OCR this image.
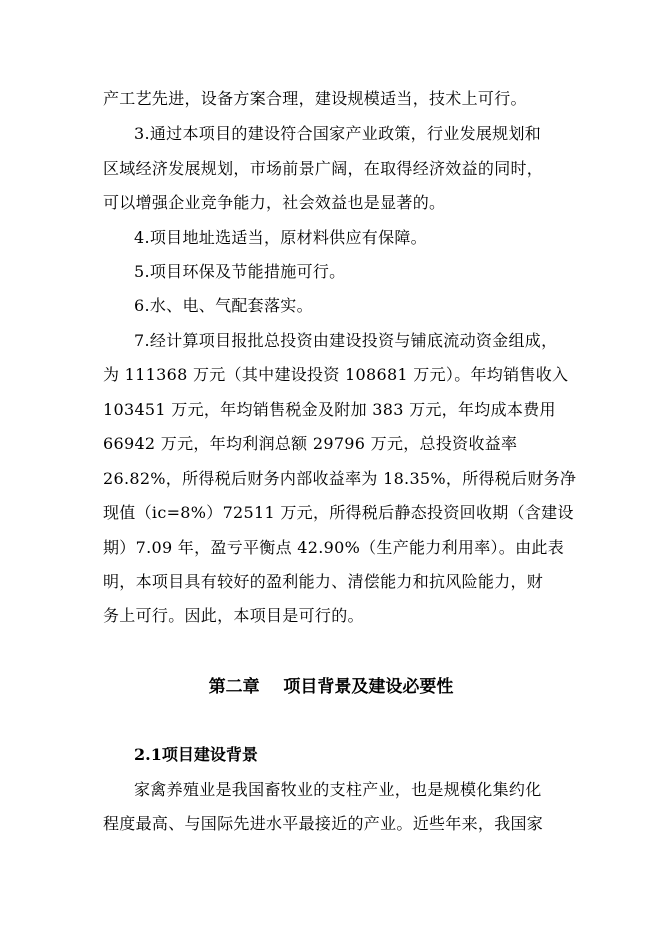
产工艺先进，设备方案合理，建设规模适当，技术上可行。
3.通过本项目的建设符合国家产业政策，行业发展规划和
区域经济发展规划，市场前景广阔，在取得经济效益的同时，
可以增强企业竞争能力，社会效益也是显著的。
4.项目地址选适当，原材料供应有保障。
5.项目环保及节能措施可行。
6.水、电、气配套落实。
7.经计算项目报批总投资由建设投资与铺底流动资金组成，
为 111368 万元（其中建设投资 108681 万元）。年均销售收入
103451 万元，年均销售税金及附加 383 万元，年均成本费用
66942 万元，年均利润总额 29796 万元，总投资收益率
26.82%，所得税后财务内部收益率为 18.35%，所得税后财务净
现值（ic=8%）72511 万元，所得税后静态投资回收期（含建设
期）7.09 年，盈亏平衡点 42.90%（生产能力利用率）。由此表
明，本项目具有较好的盈利能力、清偿能力和抗风险能力，财
务上可行。因此，本项目是可行的。
第二章    项目背景及建设必要性
2.1项目建设背景
家禽养殖业是我国畜牧业的支柱产业，也是规模化集约化
程度最高、与国际先进水平最接近的产业。近些年来，我国家
